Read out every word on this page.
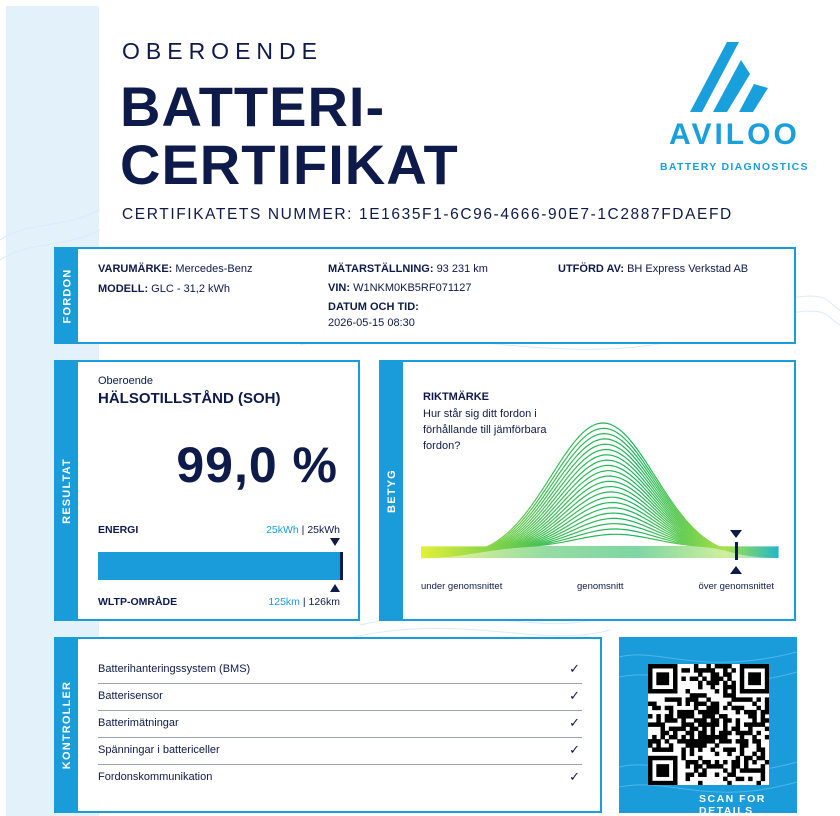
OBEROENDE
BATTERI-
CERTIFIKAT
CERTIFIKATETS NUMMER: 1E1635F1-6C96-4666-90E7-1C2887FDAEFD
AVILOO
BATTERY DIAGNOSTICS
FORDON VARUMÄRKE: Mercedes-Benz
MODELL: GLC - 31,2 kWh
MÄTARSTÄLLNING: 93 231 km
VIN: W1NKM0KB5RF071127
DATUM OCH TID:
2026-05-15 08:30
UTFÖRD AV: BH Express Verkstad AB
RESULTAT
Oberoende
HÄLSOTILLSTÅND (SOH)
99,0 %
ENERGI	25kWh | 25kWh
WLTP-OMRÅDE	125km | 126km
BETYG
RIKTMÄRKE
Hur står sig ditt fordon i förhållande till jämförbara fordon?
under genomsnittet	genomsnitt	över genomsnittet
KONTROLLER
Batterihanteringssystem (BMS)	✓
Batterisensor	✓
Batterimätningar	✓
Spänningar i battericeller	✓
Fordonskommunikation	✓
SCAN FOR DETAILS
